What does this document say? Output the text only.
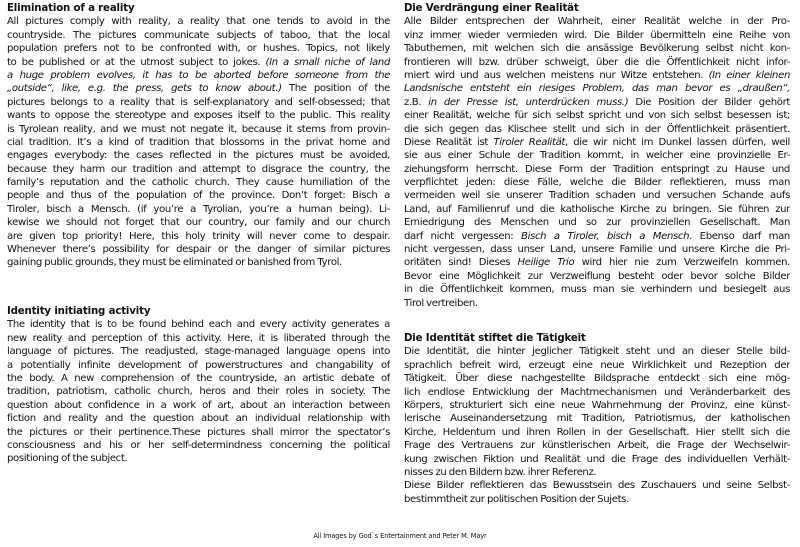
Elimination of a reality
All pictures comply with reality, a reality that one tends to avoid in the
countryside. The pictures communicate subjects of taboo, that the local
population prefers not to be confronted with, or hushes. Topics, not likely
to be published or at the utmost subject to jokes. (In a small niche of land
a huge problem evolves, it has to be aborted before someone from the
„outside“, like, e.g. the press, gets to know about.) The position of the
pictures belongs to a reality that is self-explanatory and self-obsessed; that
wants to oppose the stereotype and exposes itself to the public. This reality
is Tyrolean reality, and we must not negate it, because it stems from provin-
cial tradition. It’s a kind of tradition that blossoms in the privat home and
engages everybody: the cases reflected in the pictures must be avoided,
because they harm our tradition and attempt to disgrace the country, the
family’s reputation and the catholic church. They cause humiliation of the
people and thus of the population of the province. Don’t forget: Bisch a
Tiroler, bisch a Mensch. (if you’re a Tyrolian, you’re a human being). Li-
kewise we should not forget that our country, our family and our church
are given top priority! Here, this holy trinity will never come to despair.
Whenever there’s possibility for despair or the danger of similar pictures
gaining public grounds, they must be eliminated or banished from Tyrol.
Identity initiating activity
The identity that is to be found behind each and every activity generates a
new reality and perception of this activity. Here, it is liberated through the
language of pictures. The readjusted, stage-managed language opens into
a potentially infinite development of powerstructures and changability of
the body. A new comprehension of the countryside, an artistic debate of
tradition, patriotism, catholic church, heros and their roles in society. The
question about confidence in a work of art, about an interaction between
fiction and reality and the question about an individual relationship with
the pictures or their pertinence.These pictures shall mirror the spectator’s
consciousness and his or her self-determindness concerning the political
positioning of the subject.
Die Verdrängung einer Realität
Alle Bilder entsprechen der Wahrheit, einer Realität welche in der Pro-
vinz immer wieder vermieden wird. Die Bilder übermitteln eine Reihe von
Tabuthemen, mit welchen sich die ansässige Bevölkerung selbst nicht kon-
frontieren will bzw. drüber schweigt, über die die Öffentlichkeit nicht infor-
miert wird und aus welchen meistens nur Witze entstehen. (In einer kleinen
Landsnische entsteht ein riesiges Problem, das man bevor es „draußen“,
z.B. in der Presse ist, unterdrücken muss.) Die Position der Bilder gehört
einer Realität, welche für sich selbst spricht und von sich selbst besessen ist;
die sich gegen das Klischee stellt und sich in der Öffentlichkeit präsentiert.
Diese Realität ist Tiroler Realität, die wir nicht im Dunkel lassen dürfen, weil
sie aus einer Schule der Tradition kommt, in welcher eine provinzielle Er-
ziehungsform herrscht. Diese Form der Tradition entspringt zu Hause und
verpflichtet jeden: diese Fälle, welche die Bilder reflektieren, muss man
vermeiden weil sie unserer Tradition schaden und versuchen Schande aufs
Land, auf Familienruf und die katholische Kirche zu bringen. Sie führen zur
Erniedrigung des Menschen und so zur provinziellen Gesellschaft. Man
darf nicht vergessen: Bisch a Tiroler, bisch a Mensch. Ebenso darf man
nicht vergessen, dass unser Land, unsere Familie und unsere Kirche die Pri-
oritäten sind! Dieses Heilige Trio wird hier nie zum Verzweifeln kommen.
Bevor eine Möglichkeit zur Verzweiflung besteht oder bevor solche Bilder
in die Öffentlichkeit kommen, muss man sie verhindern und besiegelt aus
Tirol vertreiben.
Die Identität stiftet die Tätigkeit
Die Identität, die hinter jeglicher Tätigkeit steht und an dieser Stelle bild-
sprachlich befreit wird, erzeugt eine neue Wirklichkeit und Rezeption der
Tätigkeit. Über diese nachgestellte Bildsprache entdeckt sich eine mög-
lich endlose Entwicklung der Machtmechanismen und Veränderbarkeit des
Körpers, strukturiert sich eine neue Wahrnehmung der Provinz, eine künst-
lerische Auseinandersetzung mit Tradition, Patriotismus, der katholischen
Kirche, Heldentum und ihren Rollen in der Gesellschaft. Hier stellt sich die
Frage des Vertrauens zur künstlerischen Arbeit, die Frage der Wechselwir-
kung zwischen Fiktion und Realität und die Frage des individuellen Verhält-
nisses zu den Bildern bzw. ihrer Referenz.
Diese Bilder reflektieren das Bewusstsein des Zuschauers und seine Selbst-
bestimmtheit zur politischen Position der Sujets.
All Images by God`s Entertainment and Peter M. Mayr
